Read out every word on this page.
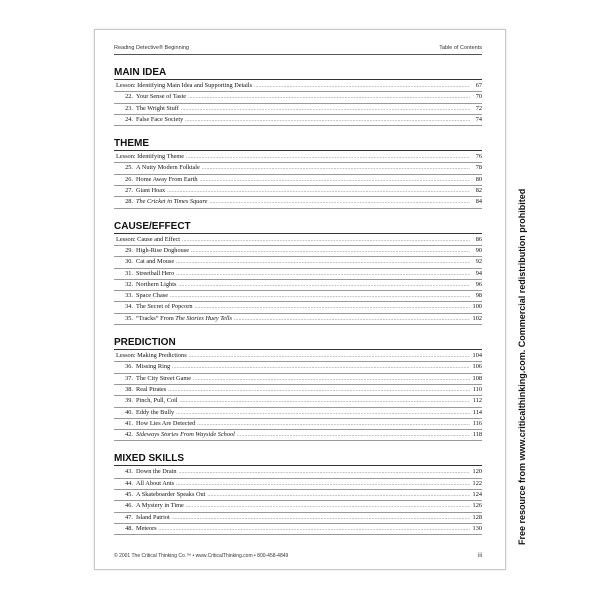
Reading Detective® Beginning	Table of Contents
MAIN IDEA
Lesson: Identifying Main Idea and Supporting Details .....	67
22. Your Sense of Taste .....	70
23. The Wright Stuff .....	72
24. False Face Society .....	74
THEME
Lesson: Identifying Theme .....	76
25. A Nutty Modern Folktale .....	78
26. Home Away From Earth .....	80
27. Giant Hoax .....	82
28. The Cricket in Times Square .....	84
CAUSE/EFFECT
Lesson: Cause and Effect .....	86
29. High-Rise Doghouse .....	90
30. Cat and Mouse .....	92
31. Streetball Hero .....	94
32. Northern Lights .....	96
33. Space Chase .....	98
34. The Secret of Popcorn .....	100
35. “Tracks” From The Stories Huey Tells .....	102
PREDICTION
Lesson: Making Predictions .....	104
36. Missing Ring .....	106
37. The City Street Game .....	108
38. Real Pirates .....	110
39. Pinch, Pull, Coil .....	112
40. Eddy the Bully .....	114
41. How Lies Are Detected .....	116
42. Sideways Stories From Wayside School .....	118
MIXED SKILLS
43. Down the Drain .....	120
44. All About Ants .....	122
45. A Skateboarder Speaks Out .....	124
46. A Mystery in Time .....	126
47. Island Patriot .....	128
48. Meteors .....	130
© 2001 The Critical Thinking Co.™ • www.CriticalThinking.com • 800-458-4849	iii
Free resource from www.criticalthinking.com. Commercial redistribution prohibited
